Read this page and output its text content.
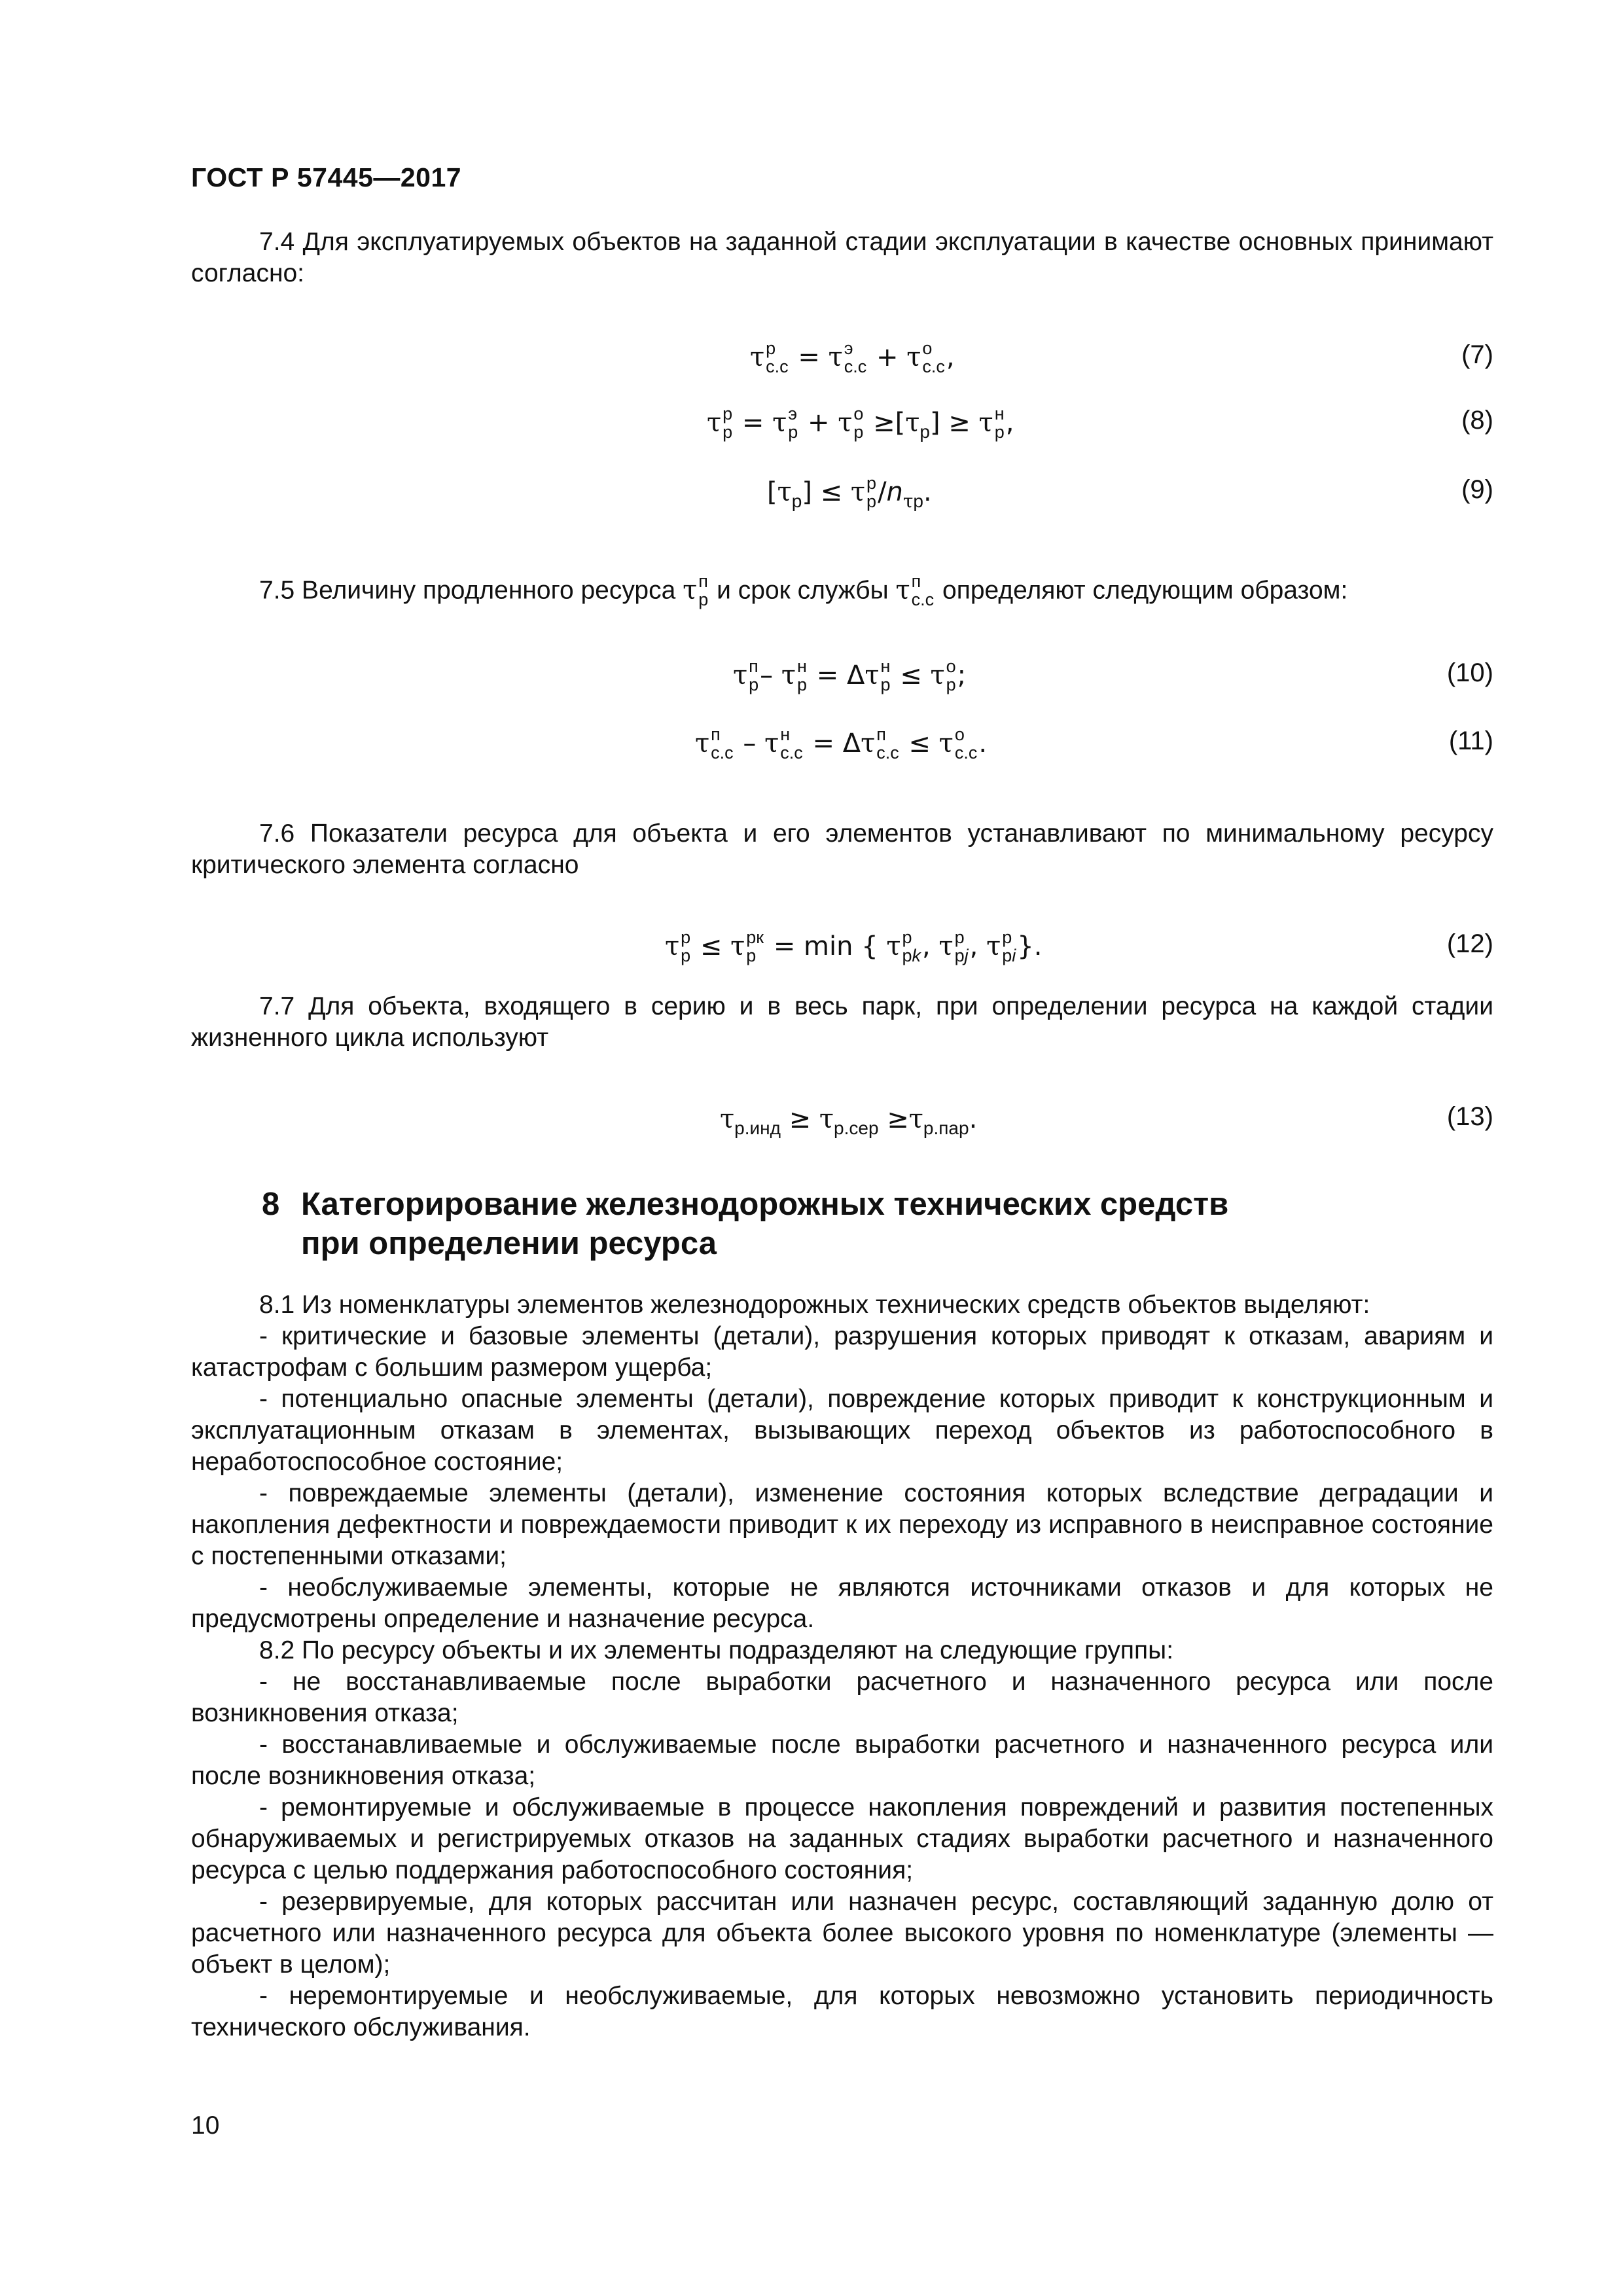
ГОСТ Р 57445—2017

7.4 Для эксплуатируемых объектов на заданной стадии эксплуатации в качестве основных принимают согласно:

τ р
с.с = τ э
с.с + τ о
с.с ,	(7)
τ р
р = τ э
р + τ о
$р \ge[\tau_р] \ge \tau$ н
р ,	(8)
$[\tau_р] \le \tau$ р
р $/n_{\tau р}$.	(9)
7.5 Величину продленного ресурса τ п
р и срок службы τ п
с.с определяют следующим образом:
τ п
р – τ н
р = Δτ н
р ≤ τ о
р ;	(10)
τ п
с.с – τ н
с.с = Δτ п
с.с ≤ τ о
с.с .	(11)

7.6 Показатели ресурса для объекта и его элементов устанавливают по минимальному ресурсу критического элемента согласно

τ р
р ≤ τ рк
р = min { τ р
рk , τ р
рj , τ р
рi }.	(12)

7.7 Для объекта, входящего в серию и в весь парк, при определении ресурса на каждой стадии жизненного цикла используют

$\tau_{р.инд} \ge \tau_{р.сер} \ge\tau_{р.пар}$.	(13)
8 Категорирование железнодорожных технических средств
при определении ресурса
8.1 Из номенклатуры элементов железнодорожных технических средств объектов выделяют:
- критические и базовые элементы (детали), разрушения которых приводят к отказам, авариям и катастрофам с большим размером ущерба;
- потенциально опасные элементы (детали), повреждение которых приводит к конструкционным и эксплуатационным отказам в элементах, вызывающих переход объектов из работоспособного в неработоспособное состояние;
- повреждаемые элементы (детали), изменение состояния которых вследствие деградации и накопления дефектности и повреждаемости приводит к их переходу из исправного в неисправное состояние с постепенными отказами;
- необслуживаемые элементы, которые не являются источниками отказов и для которых не предусмотрены определение и назначение ресурса.
8.2 По ресурсу объекты и их элементы подразделяют на следующие группы:
- не восстанавливаемые после выработки расчетного и назначенного ресурса или после возникновения отказа;
- восстанавливаемые и обслуживаемые после выработки расчетного и назначенного ресурса или после возникновения отказа;
- ремонтируемые и обслуживаемые в процессе накопления повреждений и развития постепенных обнаруживаемых и регистрируемых отказов на заданных стадиях выработки расчетного и назначенного ресурса с целью поддержания работоспособного состояния;
- резервируемые, для которых рассчитан или назначен ресурс, составляющий заданную долю от расчетного или назначенного ресурса для объекта более высокого уровня по номенклатуре (элементы — объект в целом);
- неремонтируемые и необслуживаемые, для которых невозможно установить периодичность технического обслуживания.
10
